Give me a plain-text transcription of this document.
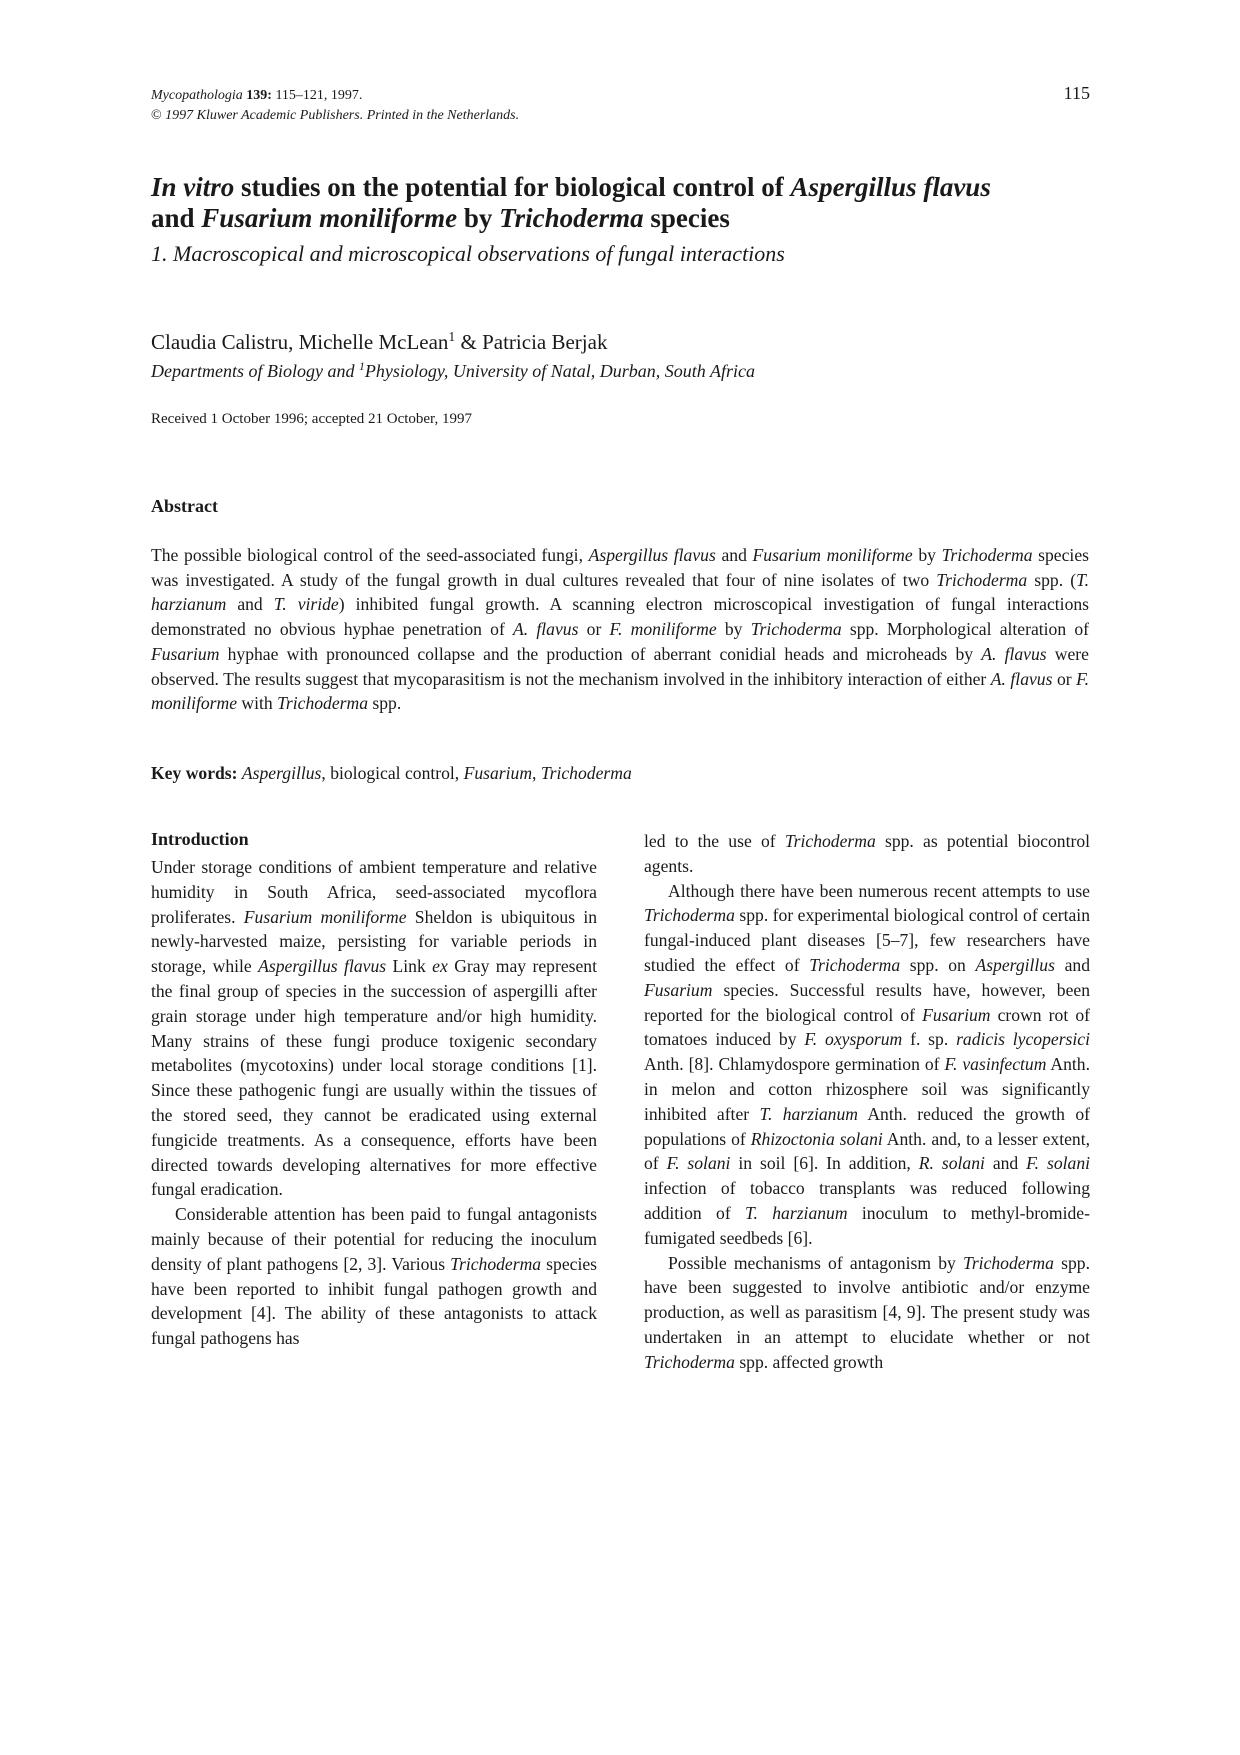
Mycopathologia 139: 115–121, 1997.
© 1997 Kluwer Academic Publishers. Printed in the Netherlands.
115
In vitro studies on the potential for biological control of Aspergillus flavus
and Fusarium moniliforme by Trichoderma species
1. Macroscopical and microscopical observations of fungal interactions
Claudia Calistru, Michelle McLean$^1$ & Patricia Berjak
Departments of Biology and $^1$Physiology, University of Natal, Durban, South Africa
Received 1 October 1996; accepted 21 October, 1997
Abstract
The possible biological control of the seed-associated fungi, Aspergillus flavus and Fusarium moniliforme by Trichoderma species was investigated. A study of the fungal growth in dual cultures revealed that four of nine isolates of two Trichoderma spp. (T. harzianum and T. viride) inhibited fungal growth. A scanning electron microscopical investigation of fungal interactions demonstrated no obvious hyphae penetration of A. flavus or F. moniliforme by Trichoderma spp. Morphological alteration of Fusarium hyphae with pronounced collapse and the production of aberrant conidial heads and microheads by A. flavus were observed. The results suggest that mycoparasitism is not the mechanism involved in the inhibitory interaction of either A. flavus or F. moniliforme with Trichoderma spp.
Key words: Aspergillus, biological control, Fusarium, Trichoderma
Introduction

Under storage conditions of ambient temperature and relative humidity in South Africa, seed-associated mycoflora proliferates. Fusarium moniliforme Sheldon is ubiquitous in newly-harvested maize, persisting for variable periods in storage, while Aspergillus flavus Link ex Gray may represent the final group of species in the succession of aspergilli after grain storage under high temperature and/or high humidity. Many strains of these fungi produce toxigenic secondary metabolites (mycotoxins) under local storage conditions [1]. Since these pathogenic fungi are usually within the tissues of the stored seed, they cannot be eradicated using external fungicide treatments. As a consequence, efforts have been directed towards developing alternatives for more effective fungal eradication.

Considerable attention has been paid to fungal antagonists mainly because of their potential for reducing the inoculum density of plant pathogens [2, 3]. Various Trichoderma species have been reported to inhibit fungal pathogen growth and development [4]. The ability of these antagonists to attack fungal pathogens has

led to the use of Trichoderma spp. as potential biocontrol agents.

Although there have been numerous recent attempts to use Trichoderma spp. for experimental biological control of certain fungal-induced plant diseases [5–7], few researchers have studied the effect of Trichoderma spp. on Aspergillus and Fusarium species. Successful results have, however, been reported for the biological control of Fusarium crown rot of tomatoes induced by F. oxysporum f. sp. radicis lycopersici Anth. [8]. Chlamydospore germination of F. vasinfectum Anth. in melon and cotton rhizosphere soil was significantly inhibited after T. harzianum Anth. reduced the growth of populations of Rhizoctonia solani Anth. and, to a lesser extent, of F. solani in soil [6]. In addition, R. solani and F. solani infection of tobacco transplants was reduced following addition of T. harzianum inoculum to methyl-bromide-fumigated seedbeds [6].

Possible mechanisms of antagonism by Trichoderma spp. have been suggested to involve antibiotic and/or enzyme production, as well as parasitism [4, 9]. The present study was undertaken in an attempt to elucidate whether or not Trichoderma spp. affected growth
